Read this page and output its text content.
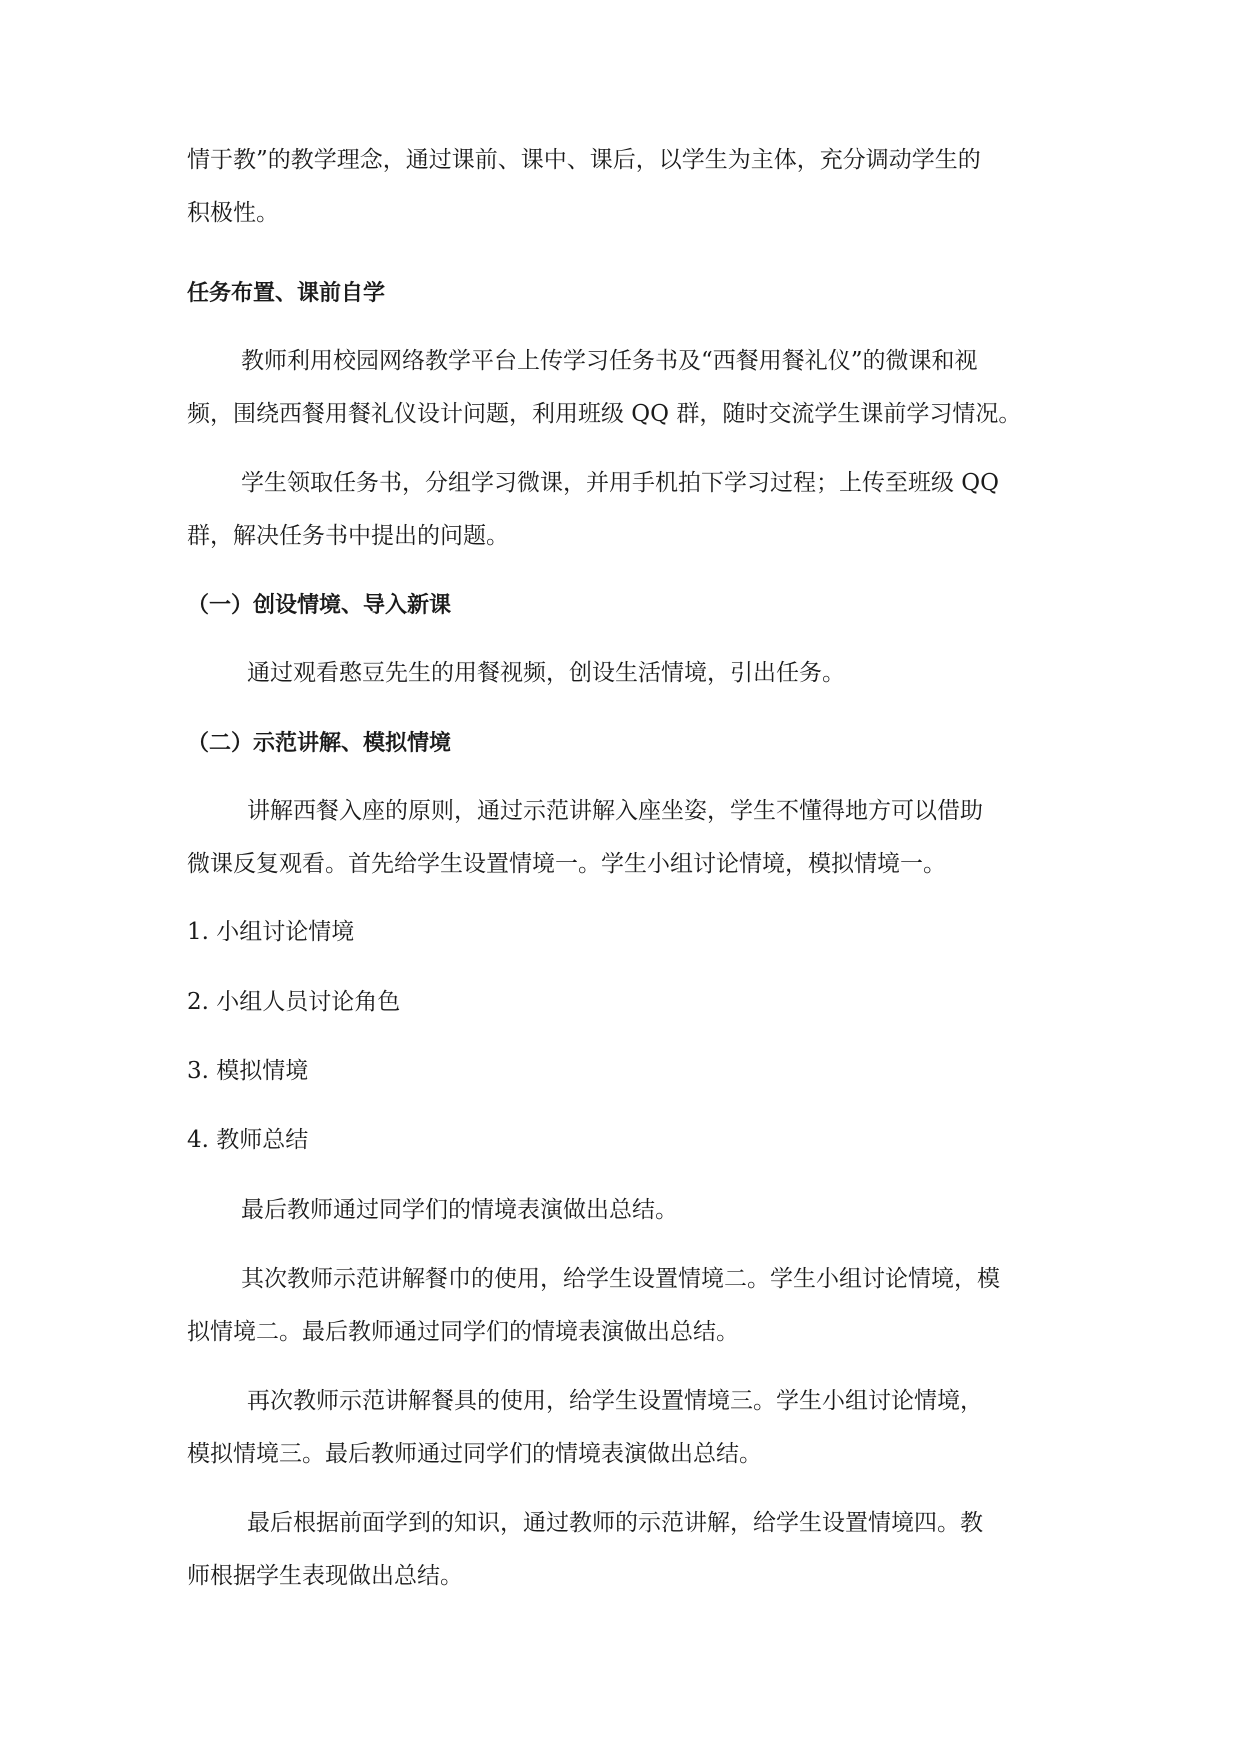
情于教”的教学理念，通过课前、课中、课后，以学生为主体，充分调动学生的
积极性。

任务布置、课前自学

教师利用校园网络教学平台上传学习任务书及“西餐用餐礼仪”的微课和视
频，围绕西餐用餐礼仪设计问题，利用班级 QQ 群，随时交流学生课前学习情况。

学生领取任务书，分组学习微课，并用手机拍下学习过程；上传至班级 QQ
群，解决任务书中提出的问题。

（一）创设情境、导入新课

通过观看憨豆先生的用餐视频，创设生活情境，引出任务。

（二）示范讲解、模拟情境

讲解西餐入座的原则，通过示范讲解入座坐姿，学生不懂得地方可以借助
微课反复观看。首先给学生设置情境一。学生小组讨论情境，模拟情境一。

1. 小组讨论情境

2. 小组人员讨论角色

3. 模拟情境

4. 教师总结

最后教师通过同学们的情境表演做出总结。

其次教师示范讲解餐巾的使用，给学生设置情境二。学生小组讨论情境，模
拟情境二。最后教师通过同学们的情境表演做出总结。

再次教师示范讲解餐具的使用，给学生设置情境三。学生小组讨论情境，
模拟情境三。最后教师通过同学们的情境表演做出总结。

最后根据前面学到的知识，通过教师的示范讲解，给学生设置情境四。教
师根据学生表现做出总结。
